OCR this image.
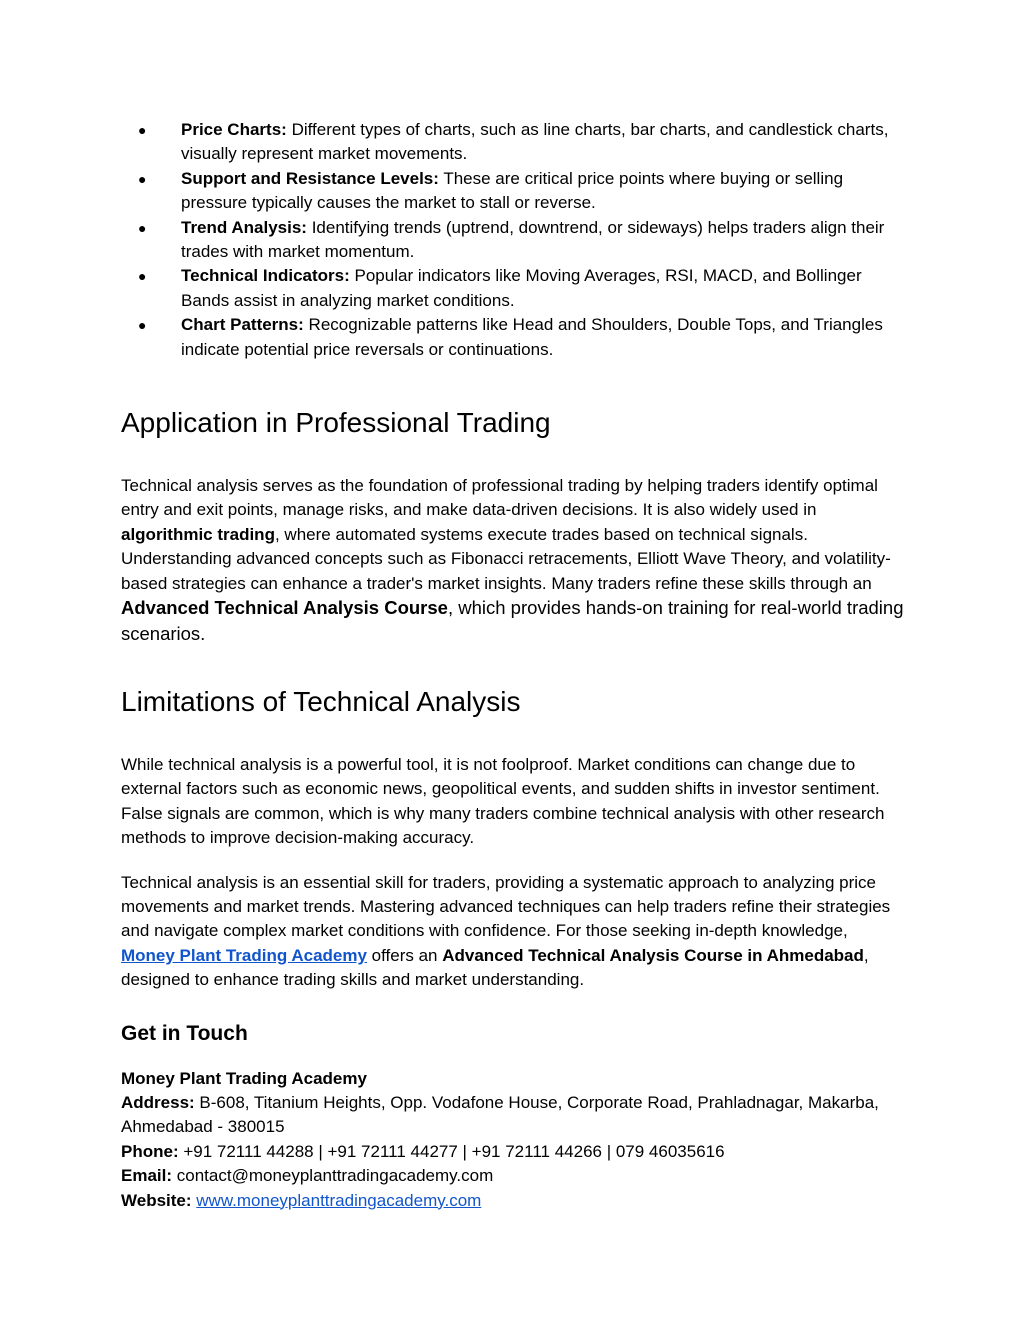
● Price Charts: Different types of charts, such as line charts, bar charts, and candlestick charts, visually represent market movements.
● Support and Resistance Levels: These are critical price points where buying or selling pressure typically causes the market to stall or reverse.
● Trend Analysis: Identifying trends (uptrend, downtrend, or sideways) helps traders align their trades with market momentum.
● Technical Indicators: Popular indicators like Moving Averages, RSI, MACD, and Bollinger Bands assist in analyzing market conditions.
● Chart Patterns: Recognizable patterns like Head and Shoulders, Double Tops, and Triangles indicate potential price reversals or continuations.
Application in Professional Trading

Technical analysis serves as the foundation of professional trading by helping traders identify optimal entry and exit points, manage risks, and make data-driven decisions. It is also widely used in algorithmic trading, where automated systems execute trades based on technical signals. Understanding advanced concepts such as Fibonacci retracements, Elliott Wave Theory, and volatility-based strategies can enhance a trader's market insights. Many traders refine these skills through an Advanced Technical Analysis Course, which provides hands-on training for real-world trading scenarios.

Limitations of Technical Analysis

While technical analysis is a powerful tool, it is not foolproof. Market conditions can change due to external factors such as economic news, geopolitical events, and sudden shifts in investor sentiment. False signals are common, which is why many traders combine technical analysis with other research methods to improve decision-making accuracy.

Technical analysis is an essential skill for traders, providing a systematic approach to analyzing price movements and market trends. Mastering advanced techniques can help traders refine their strategies and navigate complex market conditions with confidence. For those seeking in-depth knowledge, Money Plant Trading Academy offers an Advanced Technical Analysis Course in Ahmedabad, designed to enhance trading skills and market understanding.

Get in Touch
Money Plant Trading Academy
Address: B-608, Titanium Heights, Opp. Vodafone House, Corporate Road, Prahladnagar, Makarba, Ahmedabad - 380015
Phone: +91 72111 44288 | +91 72111 44277 | +91 72111 44266 | 079 46035616
Email: contact@moneyplanttradingacademy.com
Website: www.moneyplanttradingacademy.com
